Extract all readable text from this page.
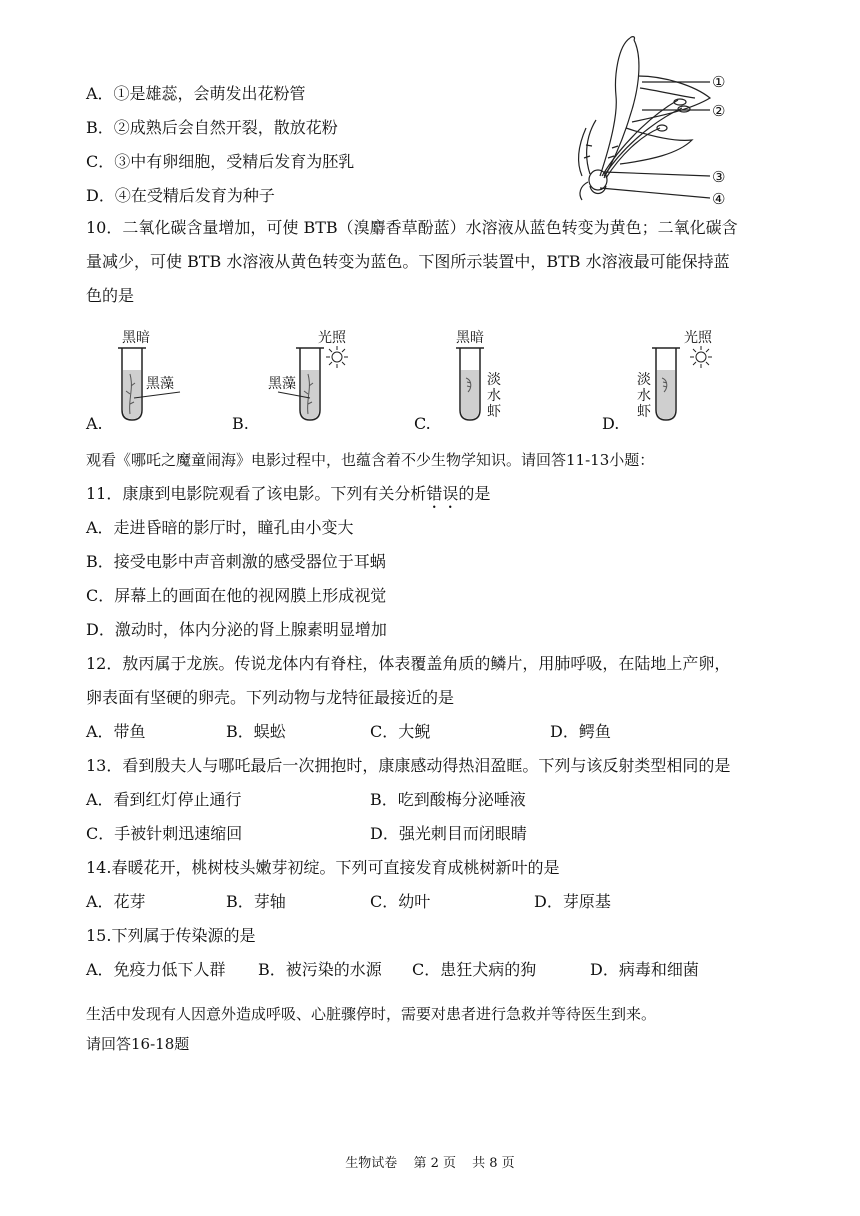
A．①是雄蕊，会萌发出花粉管
B．②成熟后会自然开裂，散放花粉
C．③中有卵细胞，受精后发育为胚乳
D．④在受精后发育为种子
①
②
③
④
10．二氧化碳含量增加，可使 BTB（溴麝香草酚蓝）水溶液从蓝色转变为黄色；二氧化碳含
量减少，可使 BTB 水溶液从黄色转变为蓝色。下图所示装置中，BTB 水溶液最可能保持蓝
色的是
黑暗
黑藻
A.
光照
黑藻
B.
黑暗
淡
水
虾
C.
光照
淡
水
虾
D.
观看《哪吒之魔童闹海》电影过程中，也蕴含着不少生物学知识。请回答11-13小题：
11．康康到电影院观看了该电影。下列有关分析错误的是
A．走进昏暗的影厅时，瞳孔由小变大
B．接受电影中声音刺激的感受器位于耳蜗
C．屏幕上的画面在他的视网膜上形成视觉
D．激动时，体内分泌的肾上腺素明显增加
12．敖丙属于龙族。传说龙体内有脊柱，体表覆盖角质的鳞片，用肺呼吸，在陆地上产卵，
卵表面有坚硬的卵壳。下列动物与龙特征最接近的是
A．带鱼	B．蜈蚣	C．大鲵	D．鳄鱼
13．看到殷夫人与哪吒最后一次拥抱时，康康感动得热泪盈眶。下列与该反射类型相同的是
A．看到红灯停止通行	B．吃到酸梅分泌唾液
C．手被针刺迅速缩回	D．强光刺目而闭眼睛
14.春暖花开，桃树枝头嫩芽初绽。下列可直接发育成桃树新叶的是
A．花芽	B．芽轴	C．幼叶	D．芽原基
15.下列属于传染源的是
A．免疫力低下人群 B．被污染的水源 C．患狂犬病的狗	D．病毒和细菌
生活中发现有人因意外造成呼吸、心脏骤停时，需要对患者进行急救并等待医生到来。
请回答16-18题
生物试卷 第 2 页 共 8 页
